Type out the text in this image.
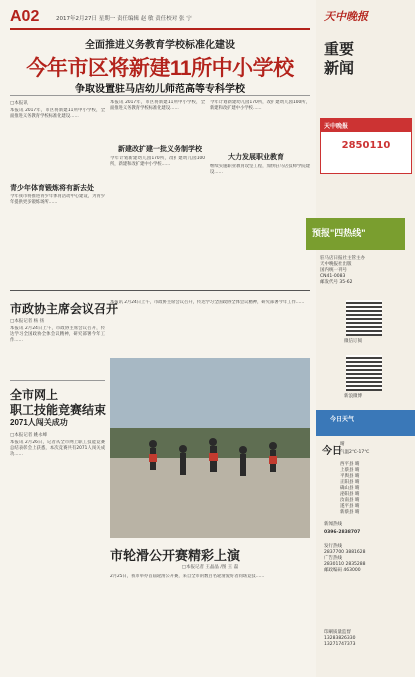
A02	2017年2月27日 星期一 责任编辑 赵 敏 责任校对 张 宁
全面推进义务教育学校标准化建设
今年市区将新建11所中小学校
争取设置驻马店幼儿师范高等专科学校
□本报讯
本报讯 2017年，市区将新建11所中小学校，全面推进义务教育学校标准化建设……
青少年体育锻炼将有新去处
今年我市将推进青少年体育活动中心建设，为青少年提供更多锻炼场所……
本报讯 2017年，市区将新建11所中小学校，全面推进义务教育学校标准化建设……
新建改扩建一批义务制学校
今年计划新建幼儿园170所，改扩建幼儿园100所，新建和改扩建中小学校……
今年计划新建幼儿园170所，改扩建幼儿园100所，新建和改扩建中小学校……
大力发展职业教育
继续实施职业教育攻坚工程，加快驻马店技师学院建设……
市政协主席会议召开
□本报记者 杨 扬
本报讯 2月24日上午，市政协主席会议召开，传达学习全国政协全体会议精神，研究部署今年工作……
全市网上
职工技能竞赛结束
2071人闯关成功
□本报记者 姚永峰
本报讯 2月26日，记者从全市网上职工技能竞赛总结表彰会上获悉，本次竞赛共有2071人闯关成功……
本报讯 2月24日上午，市政协主席会议召开，传达学习全国政协全体会议精神，研究部署今年工作……
市轮滑公开赛精彩上演
□本报记者 王晶晶 /图 王 磊
2月25日，我市举办首届轮滑公开赛，来自全市的数百名轮滑爱好者同场竞技……
天中晚报
重要
新闻
天中晚报
2850110
预报"四热线"
驻马店日报社主管主办
天中晚报社出版
国内统一刊号
CN41-0083
邮发代号 35-62
微信订阅
新浪微博
今日天气
今日
晴
气温2℃-17℃
西平县 晴
上蔡县 晴
平舆县 晴
正阳县 晴
确山县 晴
泌阳县 晴
汝南县 晴
遂平县 晴
新蔡县 晴
新闻热线
0396-2838707
发行热线
2837700 3881628
广告热线
2830110 2835288
邮政编码 463000
印刷质量监督
13283826330
13271747373
